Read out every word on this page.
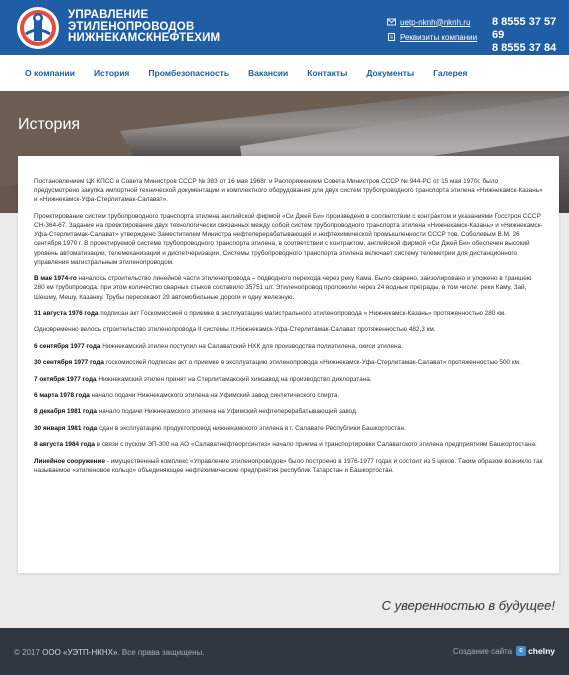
УПРАВЛЕНИЕ
ЭТИЛЕНОПРОВОДОВ
НИЖНЕКАМСКНЕФТЕХИМ
uetp-nknh@nknh.ru
Реквизиты компании
8 8555 37 57 69
8 8555 37 84
О компании История Промбезопасность Вакансии Контакты Документы Галерея
История

Постановлением ЦК КПСС и Совета Министров СССР № 383 от 16 мая 1968г. и Распоряжением Совета Министров СССР № 944-РС от 15 мая 1970г. было предусмотрено закупка импортной технической документации и комплектного оборудования для двух систем трубопроводного транспорта этилена «Нижнекамск-Казань» и «Нижнекамск-Уфа-Стерлитамак-Салават».

Проектирование систем трубопроводного транспорта этилена английской фирмой «Си Джей Би» произведено в соответствии с контрактом и указаниями Госстроя СССР СН-364-67. Задание на проектирование двух технологически связанных между собой систем трубопроводного транспорта этилена «Нижнекамск-Казань» и «Нижнекамск-Уфа-Стерлитамак-Салават» утверждено Заместителем Министра нефтеперерабатывающей и нефтехимической промышленности СССР тов. Соболевым В.М. 26 сентября 1970 г. В проектируемой системе трубопроводного транспорта этилена, в соответствии с контрактом, английской фирмой «Си Джей Би» обеспечен высокий уровень автоматизации, телемеханизации и диспетчеризации. Системы трубопроводного транспорта этилена включает систему телеметрии для дистанционного управления магистральным этиленопроводом.

В мае 1974-го началось строительство линейной части этиленопровода – подводного перехода через реку Кама. Было сварено, заизолировано и уложено в траншею 280 км трубопровода, при этом количество сварных стыков составило 35751 шт. Этиленопровод проложили через 24 водные преграды, в том числе: реки Каму, Зай, Шешму, Мешу, Казанку. Трубы пересекают 29 автомобильные дороги и одну железную.

31 августа 1976 года подписан акт Госкомиссией о приемке в эксплуатацию магистрального этиленопровода « Нижнекамск-Казань» протяженностью 280 км.

Одновременно велось строительство этиленопровода II системы гг.Нижнекамск-Уфа-Стерлитамак-Салават протяженностью 482,3 км.

6 сентября 1977 года Нижнекамский этилен поступил на Салаватский НХК для производства полиэтилена, окиси этилена.

30 сентября 1977 года госкомиссией подписан акт о приемке в эксплуатацию этиленопровода «Нижнекамск-Уфа-Стерлитамак-Салават» протяженностью 500 км.

7 октября 1977 года Нижнекамский этилен принят на Стерлитамакский химзавод на производство дихлорэтана.

6 марта 1978 года начало подачи Нижнекамского этилена на Уфимский завод синтетического спирта.

8 декабря 1981 года начало подачи Нижнекамского этилена на Уфимский нефтеперерабатывающий завод.

30 января 1981 года сдан в эксплуатацию продуктопровод нижнекамского этилена в г. Салавате Республики Башкортостан.

8 августа 1984 года в связи с пуском ЭП-300 на АО «Салаватнефтеоргсинтез» начало приема и транспортировки Салаватского этилена предприятиям Башкортостана.

Линейное сооружение - имущественный комплекс «Управление этиленопроводов» было построено в 1976-1977 годах и состоит из 5 цехов. Таким образом возникло так называемое «этиленовое кольцо» объединяющее нефтехимические предприятия республик Татарстан и Башкортостан.

С уверенностью в будущее!
© 2017 ООО «УЭТП-НКНХ». Все права защищены.	Создание сайта	c chelny
